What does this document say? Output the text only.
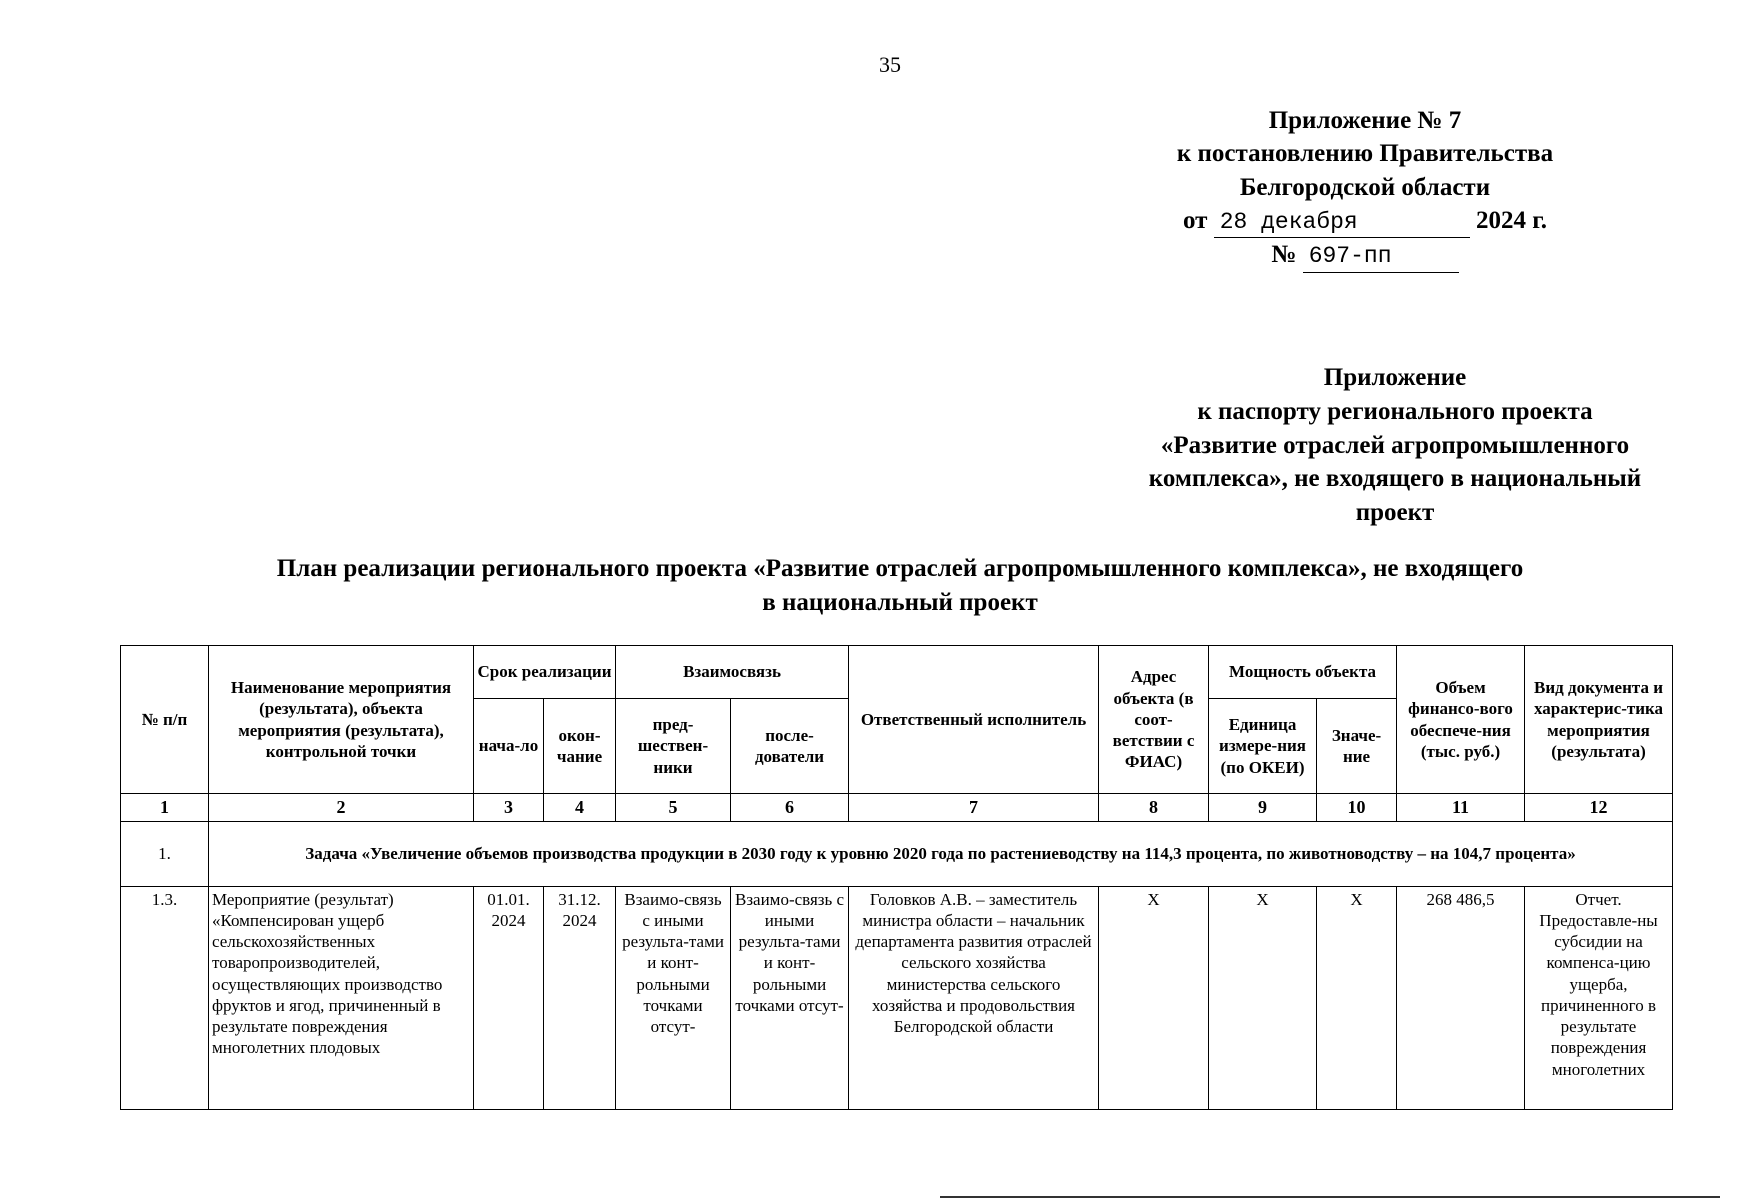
35
Приложение № 7
к постановлению Правительства
Белгородской области
от 28 декабря	2024 г.
№ 697-пп
Приложение
к паспорту регионального проекта
«Развитие отраслей агропромышленного
комплекса», не входящего в национальный
проект
План реализации регионального проекта «Развитие отраслей агропромышленного комплекса», не входящего
в национальный проект
№ п/п	Наименование мероприятия (результата), объекта мероприятия (результата), контрольной точки	Срок реализации		Взаимосвязь		Ответственный исполнитель	Адрес объекта (в соот-ветствии с ФИАС)	Мощность объекта		Объем финансо-вого обеспече-ния (тыс. руб.)	Вид документа и характерис-тика мероприятия (результата)
		нача-ло	окон-чание	пред-шествен-ники	после-дователи			Единица измере-ния (по ОКЕИ)	Значе-ние		
1	2	3	4	5	6	7	8	9	10	11	12
1.	Задача «Увеличение объемов производства продукции в 2030 году к уровню 2020 года по растениеводству на 114,3 процента, по животноводству – на 104,7 процента»										

1.3.	Мероприятие (результат) «Компенсирован ущерб сельскохозяйственных товаропроизводителей, осуществляющих производство фруктов и ягод, причиненный в результате повреждения многолетних плодовых	01.01. 2024	31.12. 2024	Взаимо-связь с иными результа-тами и конт-рольными точками отсут-	Взаимо-связь с иными результа-тами и конт-рольными точками отсут-	Головков А.В. – заместитель министра области – начальник департамента развития отраслей сельского хозяйства министерства сельского хозяйства и продовольствия Белгородской области	Х	Х	Х	268 486,5	Отчет. Предоставле-ны субсидии на компенса-цию ущерба, причиненного в результате повреждения многолетних
